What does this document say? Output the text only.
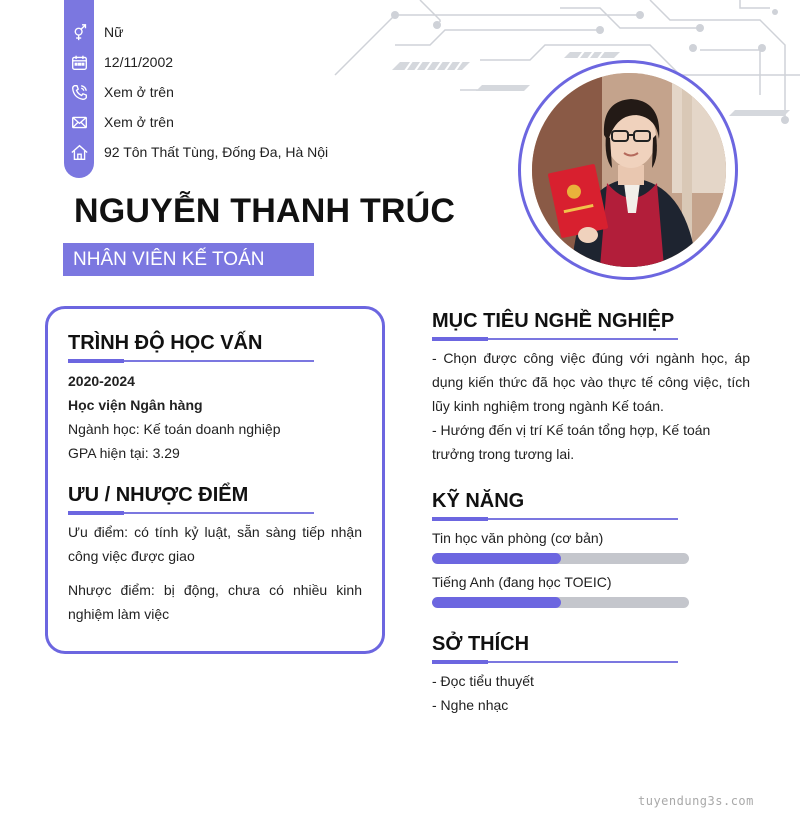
Nữ
12/11/2002
Xem ở trên
Xem ở trên
92 Tôn Thất Tùng, Đống Đa, Hà Nội
NGUYỄN THANH TRÚC
NHÂN VIÊN KẾ TOÁN
TRÌNH ĐỘ HỌC VẤN
2020-2024
Học viện Ngân hàng
Ngành học: Kế toán doanh nghiệp
GPA hiện tại: 3.29
ƯU / NHƯỢC ĐIỂM
Ưu điểm: có tính kỷ luật, sẵn sàng tiếp nhận công việc được giao
Nhược điểm: bị động, chưa có nhiều kinh nghiệm làm việc
MỤC TIÊU NGHỀ NGHIỆP
- Chọn được công việc đúng với ngành học, áp dụng kiến thức đã học vào thực tế công việc, tích lũy kinh nghiệm trong ngành Kế toán.
- Hướng đến vị trí Kế toán tổng hợp, Kế toán trưởng trong tương lai.
KỸ NĂNG
Tin học văn phòng (cơ bản)
Tiếng Anh (đang học TOEIC)
SỞ THÍCH
- Đọc tiểu thuyết
- Nghe nhạc
tuyendung3s.com
